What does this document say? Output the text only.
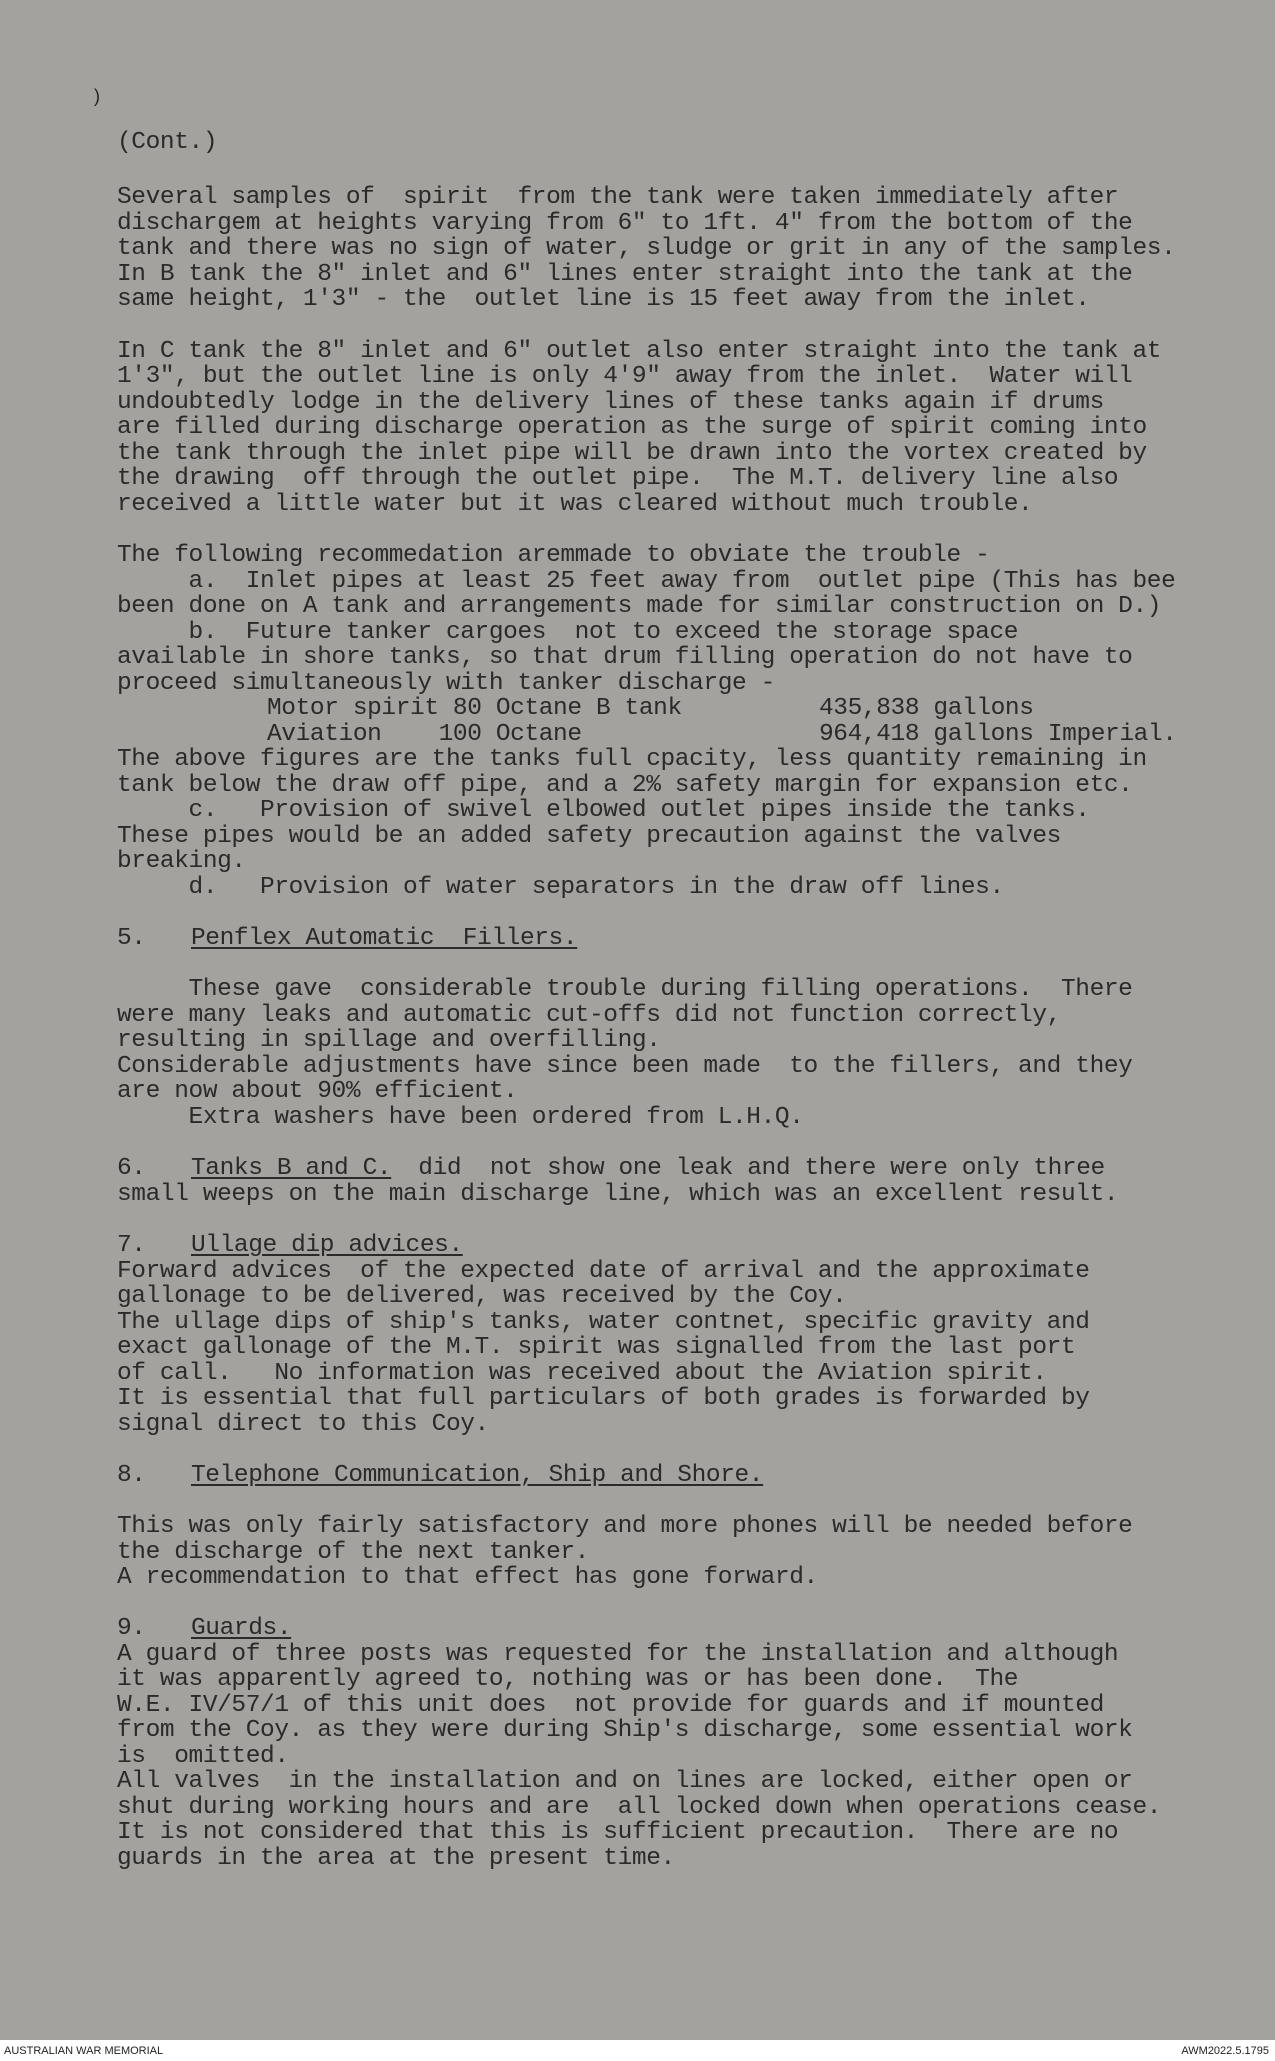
)
(Cont.)
Several samples of  spirit  from the tank were taken immediately after
dischargem at heights varying from 6" to 1ft. 4" from the bottom of the
tank and there was no sign of water, sludge or grit in any of the samples.
In B tank the 8" inlet and 6" lines enter straight into the tank at the
same height, 1'3" - the  outlet line is 15 feet away from the inlet.
In C tank the 8" inlet and 6" outlet also enter straight into the tank at
1'3", but the outlet line is only 4'9" away from the inlet.  Water will
undoubtedly lodge in the delivery lines of these tanks again if drums
are filled during discharge operation as the surge of spirit coming into
the tank through the inlet pipe will be drawn into the vortex created by
the drawing  off through the outlet pipe.  The M.T. delivery line also
received a little water but it was cleared without much trouble.
The following recommedation aremmade to obviate the trouble -
a.  Inlet pipes at least 25 feet away from  outlet pipe (This has bee
been done on A tank and arrangements made for similar construction on D.)
b.  Future tanker cargoes  not to exceed the storage space
available in shore tanks, so that drum filling operation do not have to
proceed simultaneously with tanker discharge -
Motor spirit 80 Octane B tank	435,838 gallons
Aviation    100 Octane	964,418 gallons Imperial.
The above figures are the tanks full cpacity, less quantity remaining in
tank below the draw off pipe, and a 2% safety margin for expansion etc.
c.   Provision of swivel elbowed outlet pipes inside the tanks.
These pipes would be an added safety precaution against the valves
breaking.
d.   Provision of water separators in the draw off lines.
5. Penflex Automatic  Fillers.
These gave  considerable trouble during filling operations.  There
were many leaks and automatic cut-offs did not function correctly,
resulting in spillage and overfilling.
Considerable adjustments have since been made  to the fillers, and they
are now about 90% efficient.
Extra washers have been ordered from L.H.Q.
6. Tanks B and C. did  not show one leak and there were only three
small weeps on the main discharge line, which was an excellent result.
7. Ullage dip advices.
Forward advices  of the expected date of arrival and the approximate
gallonage to be delivered, was received by the Coy.
The ullage dips of ship's tanks, water contnet, specific gravity and
exact gallonage of the M.T. spirit was signalled from the last port
of call.   No information was received about the Aviation spirit.
It is essential that full particulars of both grades is forwarded by
signal direct to this Coy.
8. Telephone Communication, Ship and Shore.
This was only fairly satisfactory and more phones will be needed before
the discharge of the next tanker.
A recommendation to that effect has gone forward.
9. Guards.
A guard of three posts was requested for the installation and although
it was apparently agreed to, nothing was or has been done.  The
W.E. IV/57/1 of this unit does  not provide for guards and if mounted
from the Coy. as they were during Ship's discharge, some essential work
is  omitted.
All valves  in the installation and on lines are locked, either open or
shut during working hours and are  all locked down when operations cease.
It is not considered that this is sufficient precaution.  There are no
guards in the area at the present time.
AUSTRALIAN WAR MEMORIAL	AWM2022.5.1795
